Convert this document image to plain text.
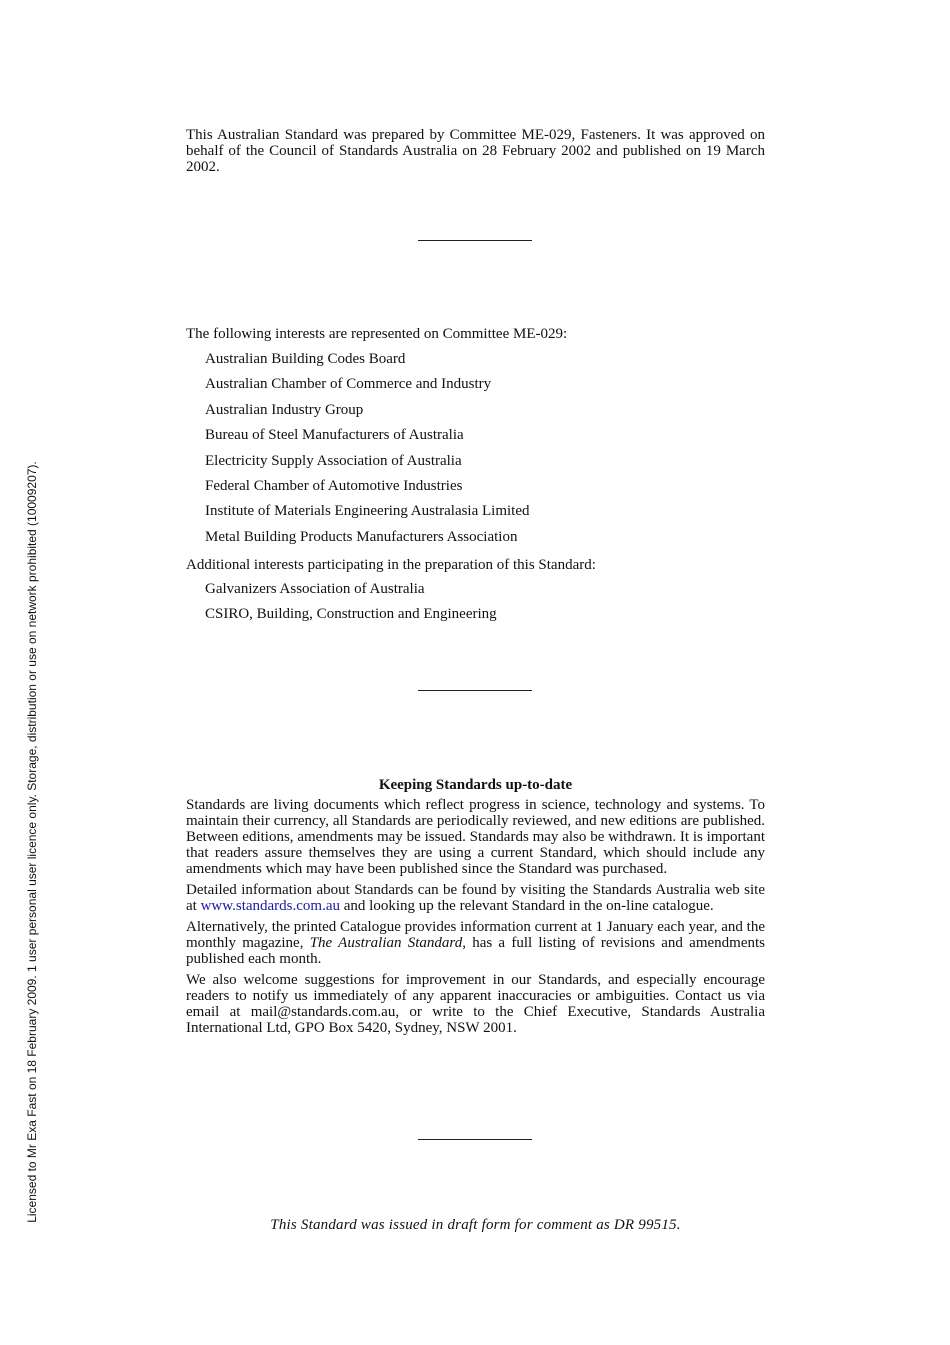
Licensed to Mr Exa Fast on 18 February 2009. 1 user personal user licence only. Storage, distribution or use on network prohibited (10009207).
This Australian Standard was prepared by Committee ME-029, Fasteners. It was approved on behalf of the Council of Standards Australia on 28 February 2002 and published on 19 March 2002.
The following interests are represented on Committee ME-029:
Australian Building Codes Board
Australian Chamber of Commerce and Industry
Australian Industry Group
Bureau of Steel Manufacturers of Australia
Electricity Supply Association of Australia
Federal Chamber of Automotive Industries
Institute of Materials Engineering Australasia Limited
Metal Building Products Manufacturers Association
Additional interests participating in the preparation of this Standard:
Galvanizers Association of Australia
CSIRO, Building, Construction and Engineering
Keeping Standards up-to-date

Standards are living documents which reflect progress in science, technology and systems. To maintain their currency, all Standards are periodically reviewed, and new editions are published. Between editions, amendments may be issued. Standards may also be withdrawn. It is important that readers assure themselves they are using a current Standard, which should include any amendments which may have been published since the Standard was purchased.

Detailed information about Standards can be found by visiting the Standards Australia web site at www.standards.com.au and looking up the relevant Standard in the on-line catalogue.

Alternatively, the printed Catalogue provides information current at 1 January each year, and the monthly magazine, The Australian Standard, has a full listing of revisions and amendments published each month.

We also welcome suggestions for improvement in our Standards, and especially encourage readers to notify us immediately of any apparent inaccuracies or ambiguities. Contact us via email at mail@standards.com.au, or write to the Chief Executive, Standards Australia International Ltd, GPO Box 5420, Sydney, NSW 2001.

This Standard was issued in draft form for comment as DR 99515.
